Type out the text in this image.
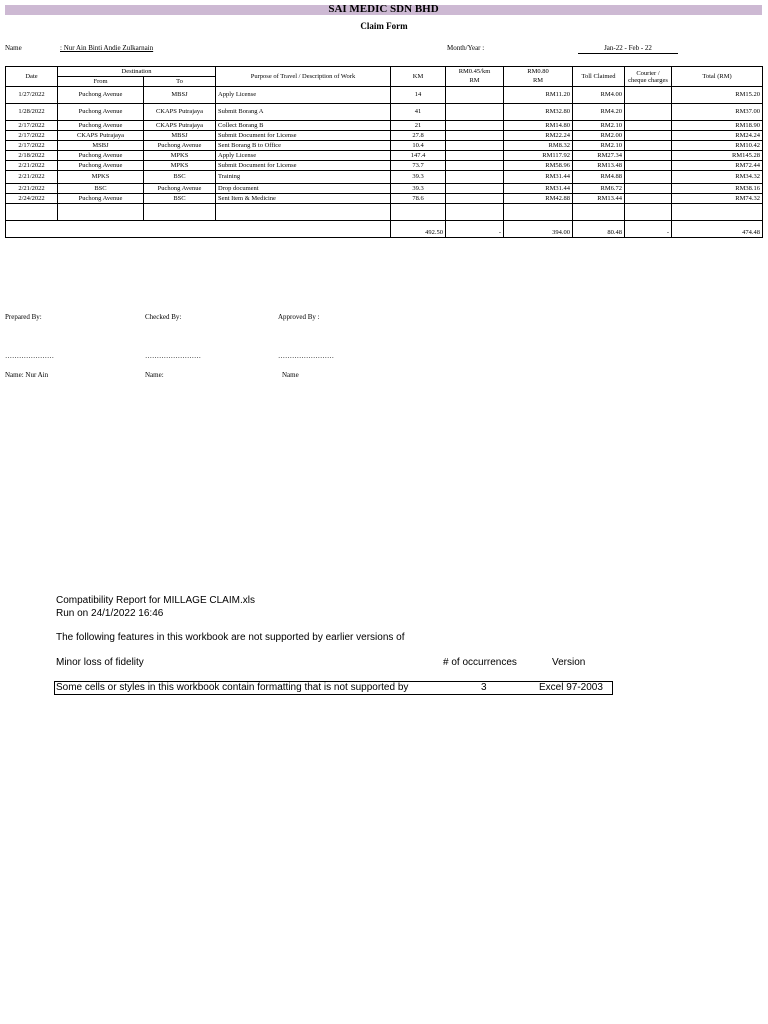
SAI MEDIC SDN BHD
Claim Form
Name	: Nur Ain Binti Andie Zulkarnain	Month/Year :	Jan-22 - Feb - 22
Date	Destination		Purpose of Travel / Description of Work	KM	RM0.45/km	RM0.80	Toll Claimed	Courier / cheque charges	Total (RM)
	From	To			RM	RM			
1/27/2022	Puchong Avenue	MBSJ	Apply License	14		RM11.20	RM4.00		RM15.20
1/28/2022	Puchong Avenue	CKAPS Putrajaya	Submit Borang A	41		RM32.80	RM4.20		RM37.00
2/17/2022	Puchong Avenue	CKAPS Putrajaya	Collect Borang B	21		RM14.80	RM2.10		RM18.90
2/17/2022	CKAPS Putrajaya	MBSJ	Submit Document for License	27.8		RM22.24	RM2.00		RM24.24
2/17/2022	MSBJ	Puchong Avenue	Sent Borang B to Office	10.4		RM8.32	RM2.10		RM10.42
2/18/2022	Puchong Avenue	MPKS	Apply License	147.4		RM117.92	RM27.34		RM145.28
2/21/2022	Puchong Avenue	MPKS	Submit Document for License	73.7		RM58.96	RM13.48		RM72.44
2/21/2022	MPKS	BSC	Training	39.3		RM31.44	RM4.88		RM34.32
2/21/2022	BSC	Puchong Avenue	Drop document	39.3		RM31.44	RM6.72		RM38.16
2/24/2022	Puchong Avenue	BSC	Sent Item & Medicine	78.6		RM42.88	RM13.44		RM74.32

				492.50	-	394.00	80.48	-	474.48
Prepared By:	Checked By:	Approved By :
…………………	……………………	……………………
Name: Nur Ain	Name:	Name
Compatibility Report for MILLAGE CLAIM.xls
Run on 24/1/2022 16:46
The following features in this workbook are not supported by earlier versions of
Minor loss of fidelity	# of occurrences	Version
Some cells or styles in this workbook contain formatting that is not supported by	3	Excel 97-2003
